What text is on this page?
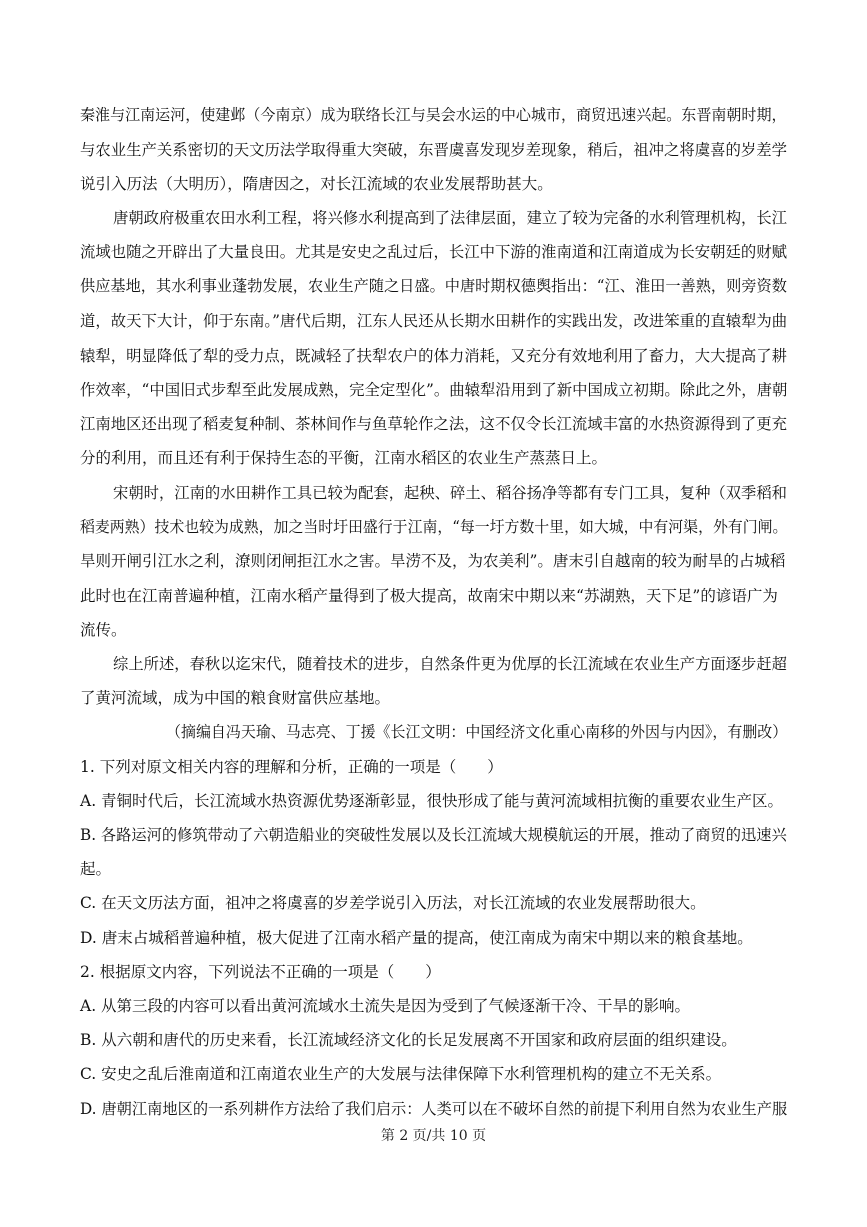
秦淮与江南运河，使建邺（今南京）成为联络长江与吴会水运的中心城市，商贸迅速兴起。东晋南朝时期，
与农业生产关系密切的天文历法学取得重大突破，东晋虞喜发现岁差现象，稍后，祖冲之将虞喜的岁差学
说引入历法（大明历），隋唐因之，对长江流域的农业发展帮助甚大。
唐朝政府极重农田水利工程，将兴修水利提高到了法律层面，建立了较为完备的水利管理机构，长江
流域也随之开辟出了大量良田。尤其是安史之乱过后，长江中下游的淮南道和江南道成为长安朝廷的财赋
供应基地，其水利事业蓬勃发展，农业生产随之日盛。中唐时期权德舆指出：“江、淮田一善熟，则旁资数
道，故天下大计，仰于东南。”唐代后期，江东人民还从长期水田耕作的实践出发，改进笨重的直辕犁为曲
辕犁，明显降低了犁的受力点，既减轻了扶犁农户的体力消耗，又充分有效地利用了畜力，大大提高了耕
作效率，“中国旧式步犁至此发展成熟，完全定型化”。曲辕犁沿用到了新中国成立初期。除此之外，唐朝
江南地区还出现了稻麦复种制、茶林间作与鱼草轮作之法，这不仅令长江流域丰富的水热资源得到了更充
分的利用，而且还有利于保持生态的平衡，江南水稻区的农业生产蒸蒸日上。
宋朝时，江南的水田耕作工具已较为配套，起秧、碎土、稻谷扬净等都有专门工具，复种（双季稻和
稻麦两熟）技术也较为成熟，加之当时圩田盛行于江南，“每一圩方数十里，如大城，中有河渠，外有门闸。
旱则开闸引江水之利，潦则闭闸拒江水之害。旱涝不及，为农美利”。唐末引自越南的较为耐旱的占城稻
此时也在江南普遍种植，江南水稻产量得到了极大提高，故南宋中期以来“苏湖熟，天下足”的谚语广为
流传。
综上所述，春秋以迄宋代，随着技术的进步，自然条件更为优厚的长江流域在农业生产方面逐步赶超
了黄河流域，成为中国的粮食财富供应基地。
（摘编自冯天瑜、马志亮、丁援《长江文明：中国经济文化重心南移的外因与内因》，有删改）
1. 下列对原文相关内容的理解和分析，正确的一项是（　　）
A. 青铜时代后，长江流域水热资源优势逐渐彰显，很快形成了能与黄河流域相抗衡的重要农业生产区。
B. 各路运河的修筑带动了六朝造船业的突破性发展以及长江流域大规模航运的开展，推动了商贸的迅速兴
起。
C. 在天文历法方面，祖冲之将虞喜的岁差学说引入历法，对长江流域的农业发展帮助很大。
D. 唐末占城稻普遍种植，极大促进了江南水稻产量的提高，使江南成为南宋中期以来的粮食基地。
2. 根据原文内容，下列说法不正确的一项是（　　）
A. 从第三段的内容可以看出黄河流域水土流失是因为受到了气候逐渐干冷、干旱的影响。
B. 从六朝和唐代的历史来看，长江流域经济文化的长足发展离不开国家和政府层面的组织建设。
C. 安史之乱后淮南道和江南道农业生产的大发展与法律保障下水利管理机构的建立不无关系。
D. 唐朝江南地区的一系列耕作方法给了我们启示：人类可以在不破坏自然的前提下利用自然为农业生产服
第 2 页/共 10 页
